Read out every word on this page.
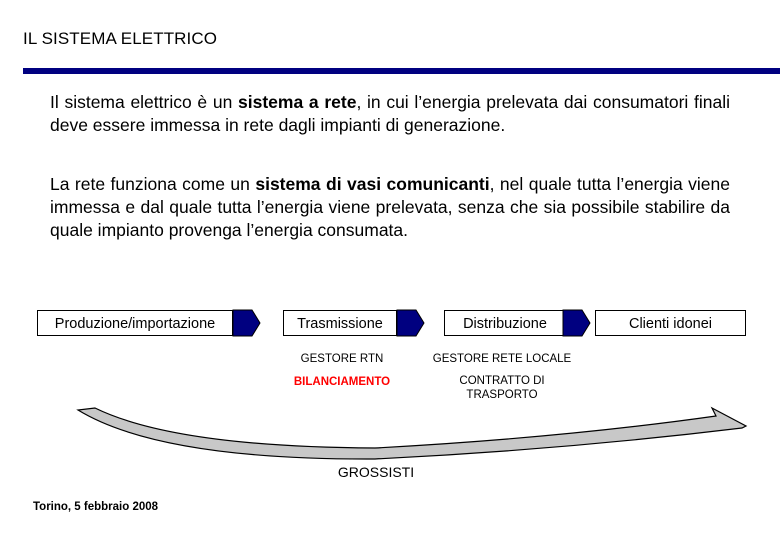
IL SISTEMA ELETTRICO
Il sistema elettrico è un sistema a rete, in cui l’energia prelevata dai consumatori finali deve essere immessa in rete dagli impianti di generazione.
La rete funziona come un sistema di vasi comunicanti, nel quale tutta l’energia viene immessa e dal quale tutta l’energia viene prelevata, senza che sia possibile stabilire da quale impianto provenga l’energia consumata.
Produzione/importazione	Trasmissione	Distribuzione	Clienti idonei
GESTORE RTN
BILANCIAMENTO
GESTORE RETE LOCALE
CONTRATTO DI
TRASPORTO
GROSSISTI
Torino, 5 febbraio 2008
